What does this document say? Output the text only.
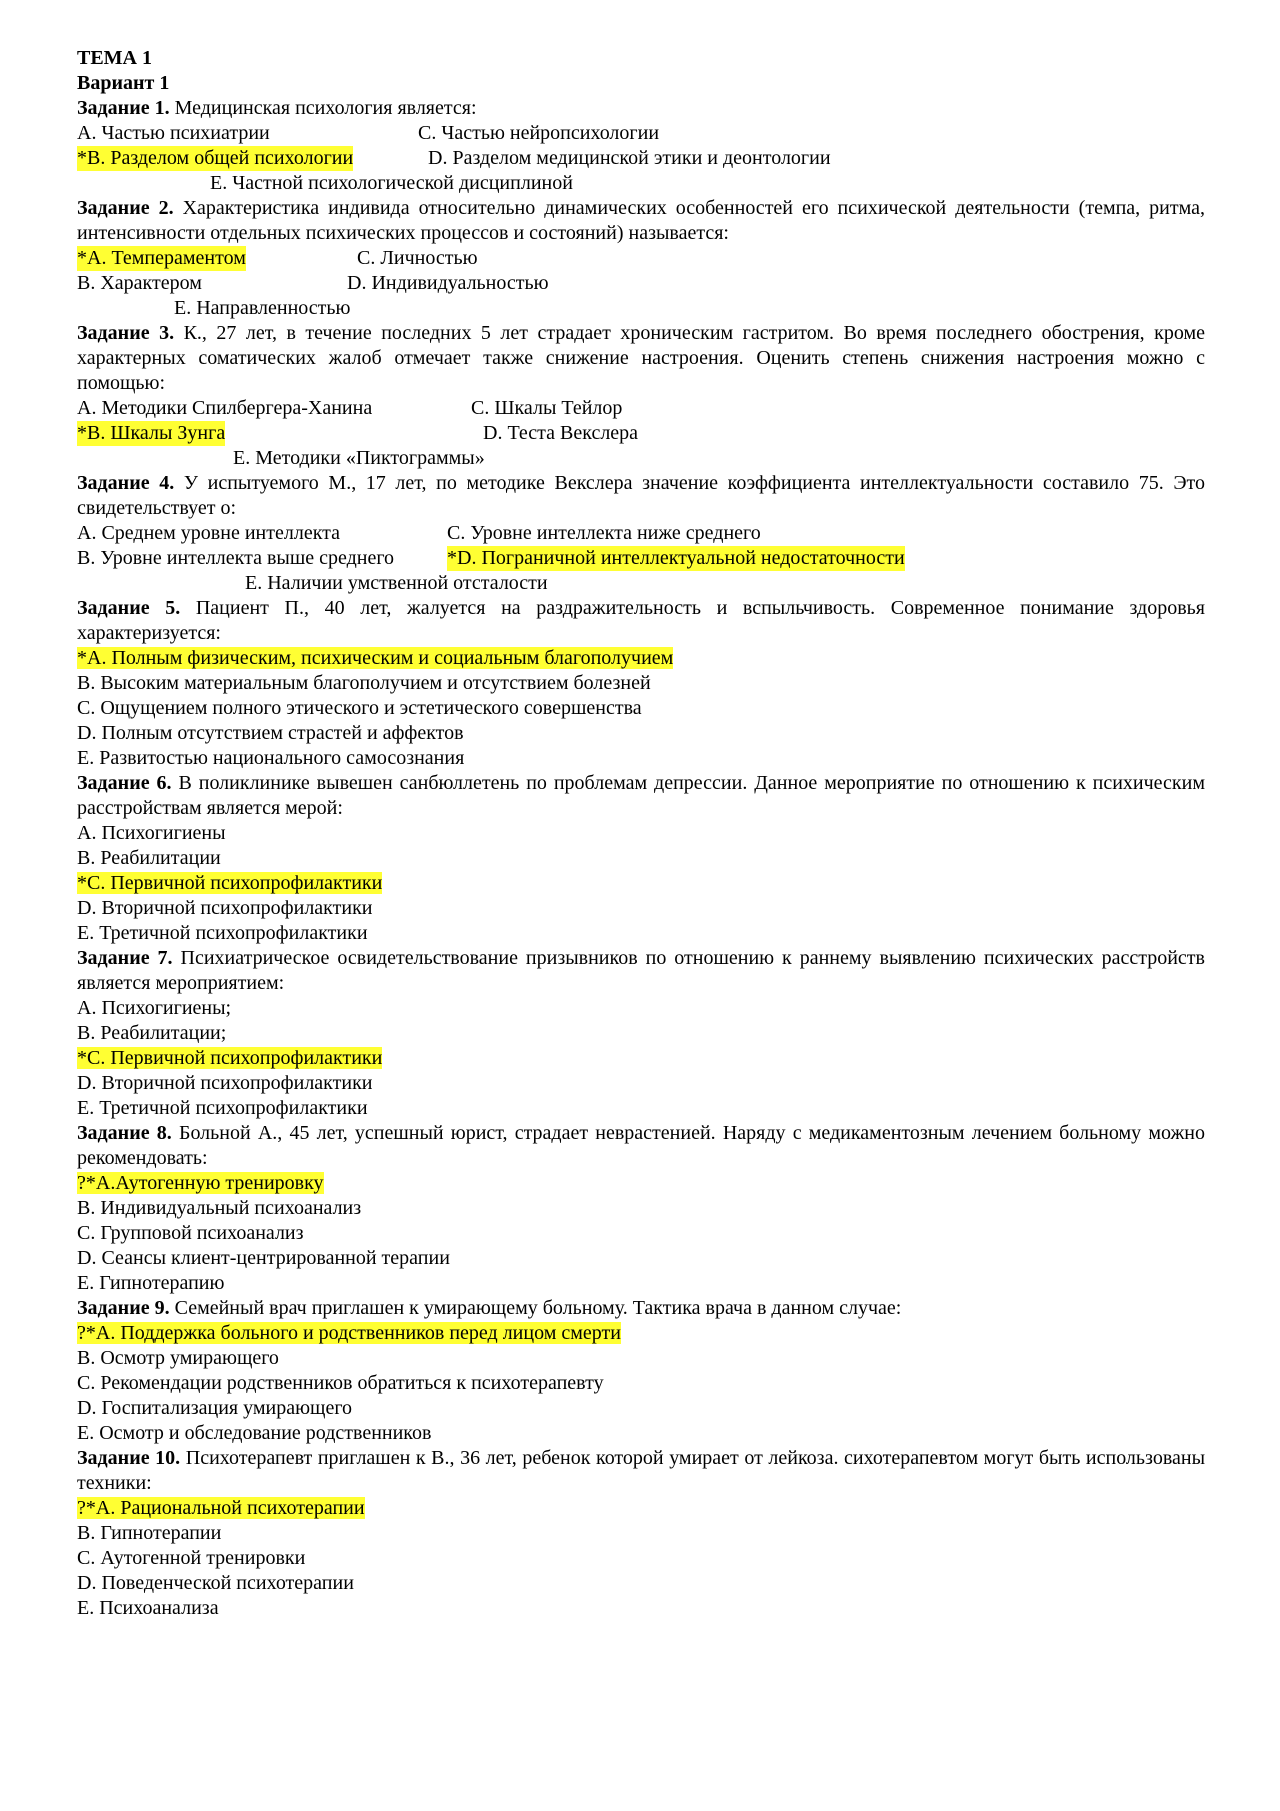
ТЕМА 1
Вариант 1
Задание 1. Медицинская психология является:
А. Частью психиатрии	С. Частью нейропсихологии
*В. Разделом общей психологии	D. Разделом медицинской этики и деонтологии
Е. Частной психологической дисциплиной
Задание 2. Характеристика индивида относительно динамических особенностей его психической деятельности (темпа, ритма, интенсивности отдельных психических процессов и состояний) называется:
*А. Темпераментом	С. Личностью
В. Характером	D. Индивидуальностью
Е. Направленностью
Задание 3. К., 27 лет, в течение последних 5 лет страдает хроническим гастритом. Во время последнего обострения, кроме характерных соматических жалоб отмечает также снижение настроения. Оценить степень снижения настроения можно с помощью:
А. Методики Спилбергера-Ханина	С. Шкалы Тейлор
*В. Шкалы Зунга	D. Теста Векслера
Е. Методики «Пиктограммы»
Задание 4. У испытуемого М., 17 лет, по методике Векслера значение коэффициента интеллектуальности составило 75. Это свидетельствует о:
А. Среднем уровне интеллекта	С. Уровне интеллекта ниже среднего
В. Уровне интеллекта выше среднего	*D. Пограничной интеллектуальной недостаточности
Е. Наличии умственной отсталости
Задание 5. Пациент П., 40 лет, жалуется на раздражительность и вспыльчивость. Современное понимание здоровья характеризуется:
*А. Полным физическим, психическим и социальным благополучием
В. Высоким материальным благополучием и отсутствием болезней
С. Ощущением полного этического и эстетического совершенства
D. Полным отсутствием страстей и аффектов
Е. Развитостью национального самосознания
Задание 6. В поликлинике вывешен санбюллетень по проблемам депрессии. Данное мероприятие по отношению к психическим расстройствам является мерой:
А. Психогигиены
В. Реабилитации
*С. Первичной психопрофилактики
D. Вторичной психопрофилактики
Е. Третичной психопрофилактики
Задание 7. Психиатрическое освидетельствование призывников по отношению к раннему выявлению психических расстройств является мероприятием:
А. Психогигиены;
В. Реабилитации;
*С. Первичной психопрофилактики
D. Вторичной психопрофилактики
Е. Третичной психопрофилактики
Задание 8. Больной А., 45 лет, успешный юрист, страдает неврастенией. Наряду с медикаментозным лечением больному можно рекомендовать:
?*А.Аутогенную тренировку
В. Индивидуальный психоанализ
С. Групповой психоанализ
D. Сеансы клиент-центрированной терапии
Е. Гипнотерапию
Задание 9. Семейный врач приглашен к умирающему больному. Тактика врача в данном случае:
?*А. Поддержка больного и родственников перед лицом смерти
В. Осмотр умирающего
С. Рекомендации родственников обратиться к психотерапевту
D. Госпитализация умирающего
Е. Осмотр и обследование родственников
Задание 10. Психотерапевт приглашен к В., 36 лет, ребенок которой умирает от лейкоза. сихотерапевтом могут быть использованы техники:
?*А. Рациональной психотерапии
В. Гипнотерапии
С. Аутогенной тренировки
D. Поведенческой психотерапии
Е. Психоанализа
